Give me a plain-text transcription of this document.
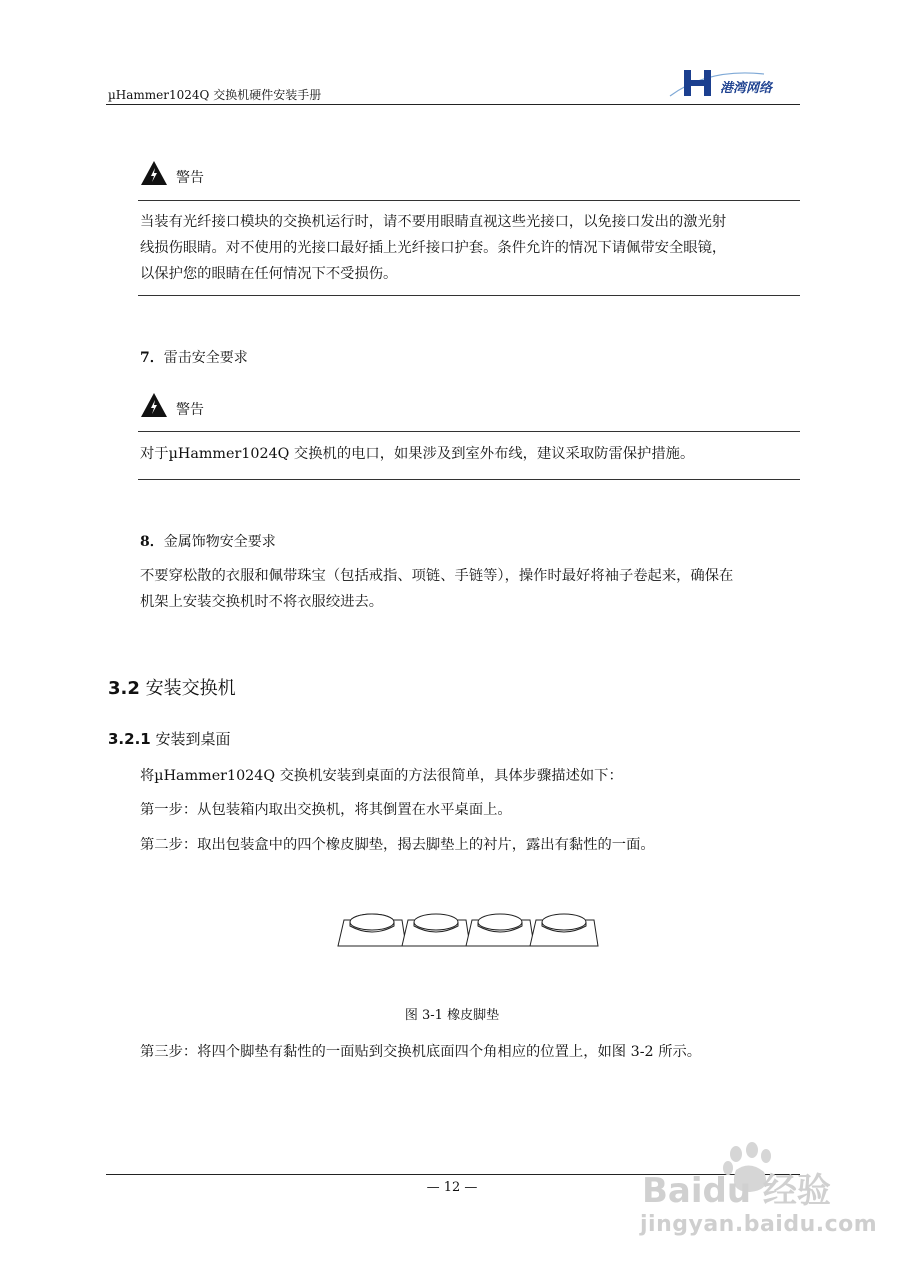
µHammer1024Q 交换机硬件安装手册	港湾网络
警告

当装有光纤接口模块的交换机运行时，请不要用眼睛直视这些光接口，以免接口发出的激光射

线损伤眼睛。对不使用的光接口最好插上光纤接口护套。条件允许的情况下请佩带安全眼镜，

以保护您的眼睛在任何情况下不受损伤。

7．雷击安全要求
警告

对于µHammer1024Q 交换机的电口，如果涉及到室外布线，建议采取防雷保护措施。

8．金属饰物安全要求

不要穿松散的衣服和佩带珠宝（包括戒指、项链、手链等），操作时最好将袖子卷起来，确保在

机架上安装交换机时不将衣服绞进去。

3.2 安装交换机
3.2.1 安装到桌面
将µHammer1024Q 交换机安装到桌面的方法很简单，具体步骤描述如下：
第一步：从包装箱内取出交换机，将其倒置在水平桌面上。
第二步：取出包装盒中的四个橡皮脚垫，揭去脚垫上的衬片，露出有黏性的一面。
图 3-1 橡皮脚垫
第三步：将四个脚垫有黏性的一面贴到交换机底面四个角相应的位置上，如图 3-2 所示。
— 12 —	Baidu 经验
jingyan.baidu.com
